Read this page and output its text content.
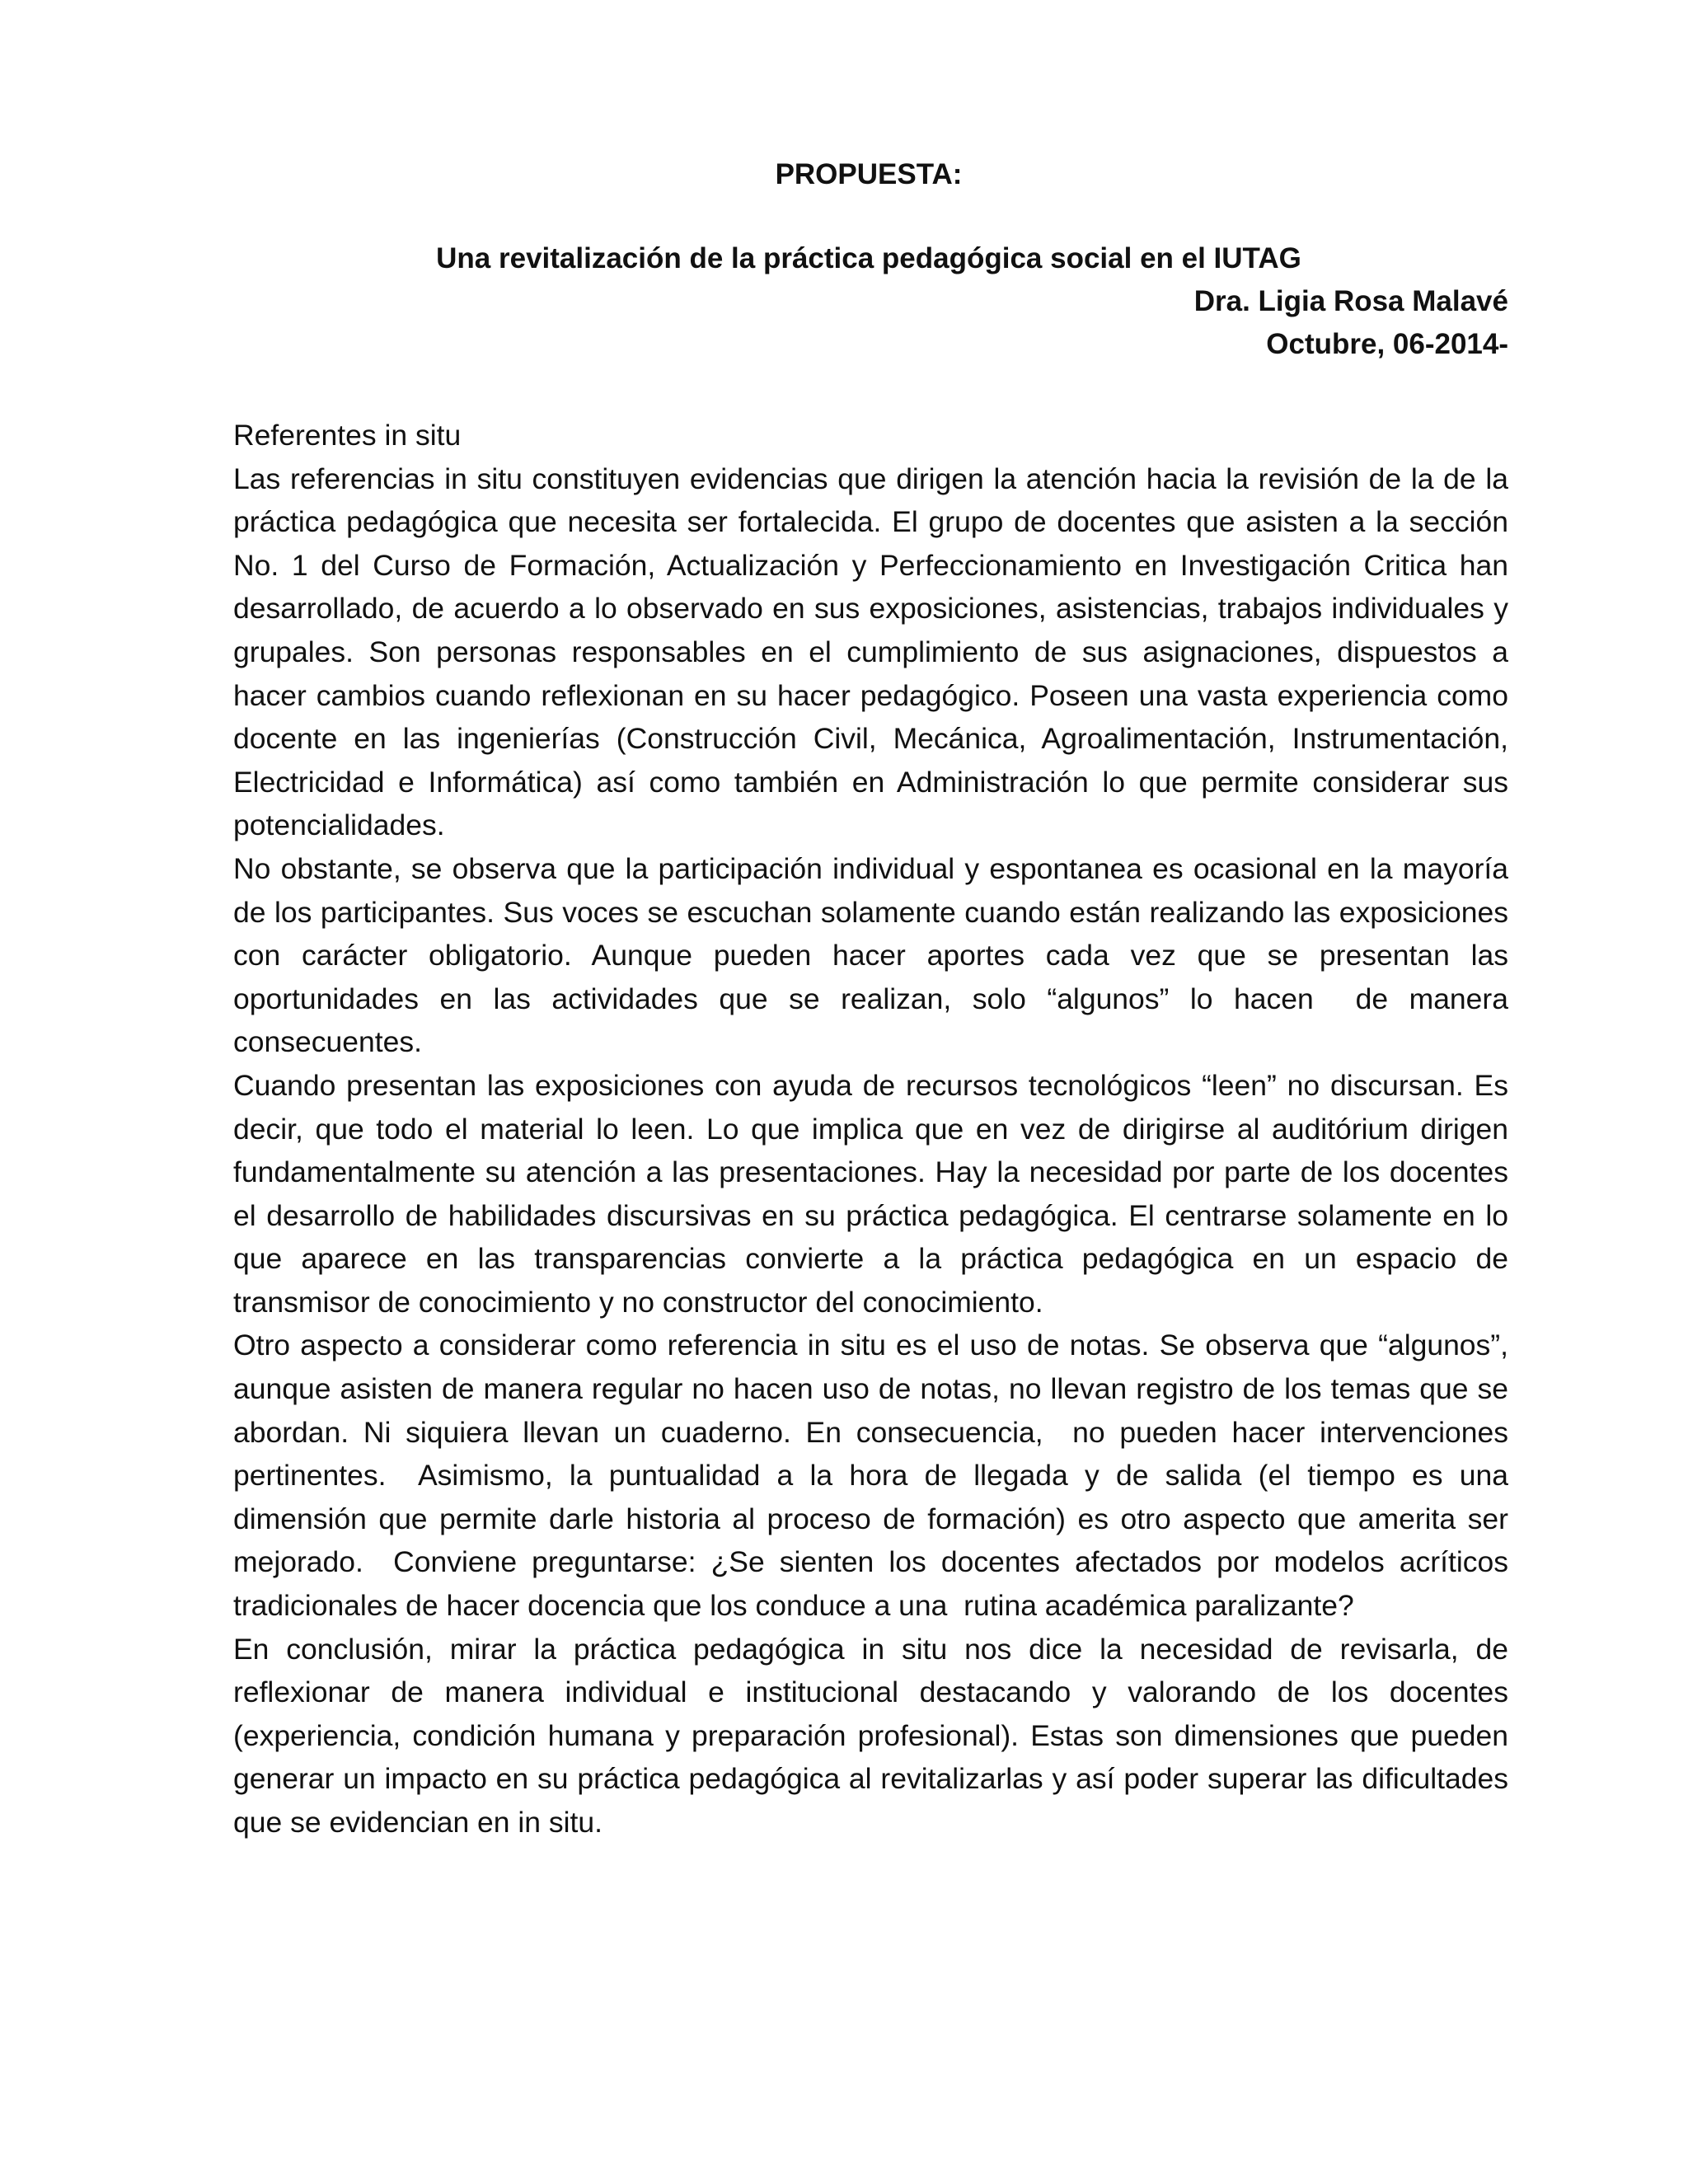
PROPUESTA:
Una revitalización de la práctica pedagógica social en el IUTAG
Dra. Ligia Rosa Malavé
Octubre, 06-2014-
Referentes in situ

Las referencias in situ constituyen evidencias que dirigen la atención hacia la revisión de la de la práctica pedagógica que necesita ser fortalecida. El grupo de docentes que asisten a la sección No. 1 del Curso de Formación, Actualización y Perfeccionamiento en Investigación Critica han desarrollado, de acuerdo a lo observado en sus exposiciones, asistencias, trabajos individuales y grupales. Son personas responsables en el cumplimiento de sus asignaciones, dispuestos a hacer cambios cuando reflexionan en su hacer pedagógico. Poseen una vasta experiencia como docente en las ingenierías (Construcción Civil, Mecánica, Agroalimentación, Instrumentación, Electricidad e Informática) así como también en Administración lo que permite considerar sus potencialidades.

No obstante, se observa que la participación individual y espontanea es ocasional en la mayoría de los participantes. Sus voces se escuchan solamente cuando están realizando las exposiciones con carácter obligatorio. Aunque pueden hacer aportes cada vez que se presentan las oportunidades en las actividades que se realizan, solo “algunos” lo hacen  de manera consecuentes.

Cuando presentan las exposiciones con ayuda de recursos tecnológicos “leen” no discursan. Es decir, que todo el material lo leen. Lo que implica que en vez de dirigirse al auditórium dirigen fundamentalmente su atención a las presentaciones. Hay la necesidad por parte de los docentes  el desarrollo de habilidades discursivas en su práctica pedagógica. El centrarse solamente en lo que aparece en las transparencias convierte a la práctica pedagógica en un espacio de transmisor de conocimiento y no constructor del conocimiento.

Otro aspecto a considerar como referencia in situ es el uso de notas. Se observa que “algunos”, aunque asisten de manera regular no hacen uso de notas, no llevan registro de los temas que se abordan. Ni siquiera llevan un cuaderno. En consecuencia,  no pueden hacer intervenciones pertinentes.  Asimismo, la puntualidad a la hora de llegada y de salida (el tiempo es una dimensión que permite darle historia al proceso de formación) es otro aspecto que amerita ser mejorado.  Conviene preguntarse: ¿Se sienten los docentes afectados por modelos acríticos tradicionales de hacer docencia que los conduce a una  rutina académica paralizante?

En conclusión, mirar la práctica pedagógica in situ nos dice la necesidad de revisarla, de  reflexionar de manera individual e institucional destacando y valorando de los docentes   (experiencia, condición humana y preparación profesional). Estas son dimensiones que pueden generar un impacto en su práctica pedagógica al revitalizarlas y así poder superar las dificultades que se evidencian en in situ.
